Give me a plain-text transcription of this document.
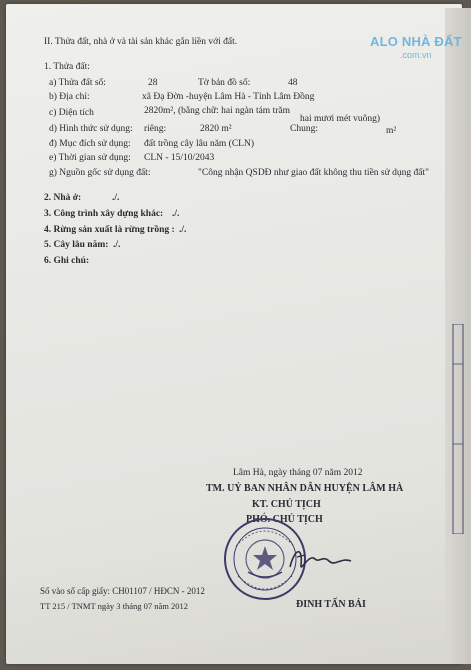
ALO NHÀ ĐẤT
.com.vn
II. Thửa đất, nhà ở và tài sản khác gắn liền với đất.
1. Thửa đất:
a) Thửa đất số:	28	Tờ bản đồ số:	48
b) Địa chỉ:	xã Đạ Đờn -huyện Lâm Hà - Tỉnh Lâm Đồng
c) Diện tích	2820m², (bằng chữ: hai ngàn tám trăm
hai mươi mét vuông)
d) Hình thức sử dụng: riêng:	2820 m²	Chung:	m²
đ) Mục đích sử dụng: đất trồng cây lâu năm (CLN)
e) Thời gian sử dụng: CLN - 15/10/2043
g) Nguồn gốc sử dụng đất:	"Công nhận QSDĐ như giao đất không thu tiền sử dụng đất"
2. Nhà ở:	./.
3. Công trình xây dựng khác: ./.
4. Rừng sản xuất là rừng trồng : ./.
5. Cây lâu năm: ./.
6. Ghi chú:
Lâm Hà, ngày tháng 07 năm 2012
TM. UỶ BAN NHÂN DÂN HUYỆN LÂM HÀ
KT. CHỦ TỊCH
PHÓ. CHỦ TỊCH
Số vào sổ cấp giấy: CH01107 / HĐCN - 2012
ĐINH TẤN BÁI
TT 215 / TNMT ngày 3 tháng 07 năm 2012
